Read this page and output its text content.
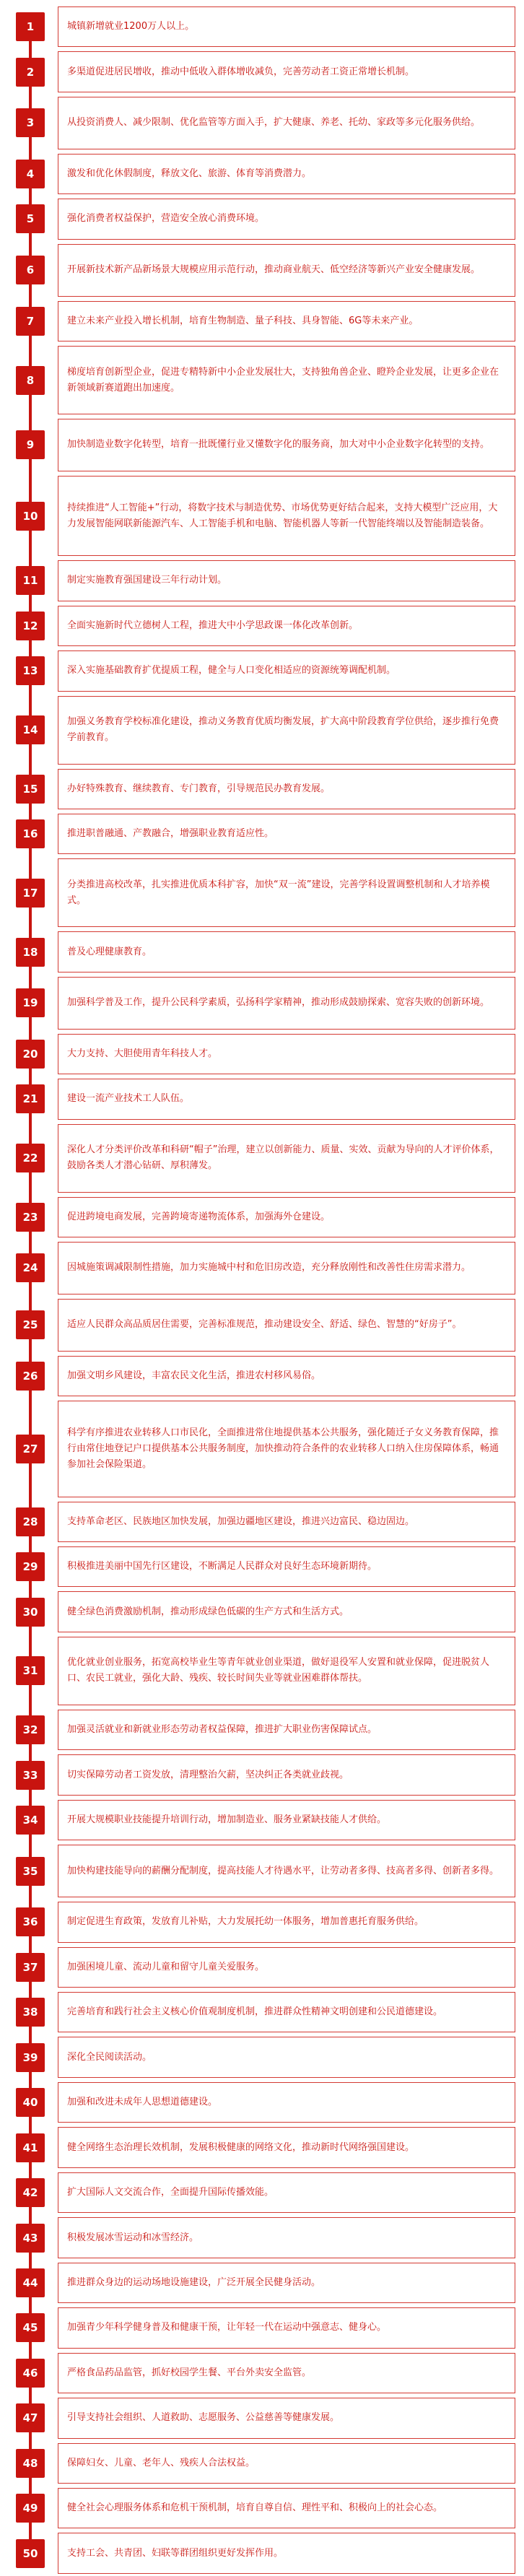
1	城镇新增就业1200万人以上。
2	多渠道促进居民增收，推动中低收入群体增收减负，完善劳动者工资正常增长机制。
3	从投资消费人、减少限制、优化监管等方面入手，扩大健康、养老、托幼、家政等多元化服务供给。
4	激发和优化休假制度，释放文化、旅游、体育等消费潜力。
5	强化消费者权益保护，营造安全放心消费环境。
6	开展新技术新产品新场景大规模应用示范行动，推动商业航天、低空经济等新兴产业安全健康发展。
7	建立未来产业投入增长机制，培育生物制造、量子科技、具身智能、6G等未来产业。
8
梯度培育创新型企业，促进专精特新中小企业发展壮大，支持独角兽企业、瞪羚企业发展，让更多企业在新领域新赛道跑出加速度。
9	加快制造业数字化转型，培育一批既懂行业又懂数字化的服务商，加大对中小企业数字化转型的支持。
10
持续推进“人工智能+”行动，将数字技术与制造优势、市场优势更好结合起来，支持大模型广泛应用，大力发展智能网联新能源汽车、人工智能手机和电脑、智能机器人等新一代智能终端以及智能制造装备。
11	制定实施教育强国建设三年行动计划。
12	全面实施新时代立德树人工程，推进大中小学思政课一体化改革创新。
13	深入实施基础教育扩优提质工程，健全与人口变化相适应的资源统筹调配机制。
14
加强义务教育学校标准化建设，推动义务教育优质均衡发展，扩大高中阶段教育学位供给，逐步推行免费学前教育。
15	办好特殊教育、继续教育、专门教育，引导规范民办教育发展。
16	推进职普融通、产教融合，增强职业教育适应性。
17
分类推进高校改革，扎实推进优质本科扩容，加快“双一流”建设，完善学科设置调整机制和人才培养模式。
18	普及心理健康教育。
19	加强科学普及工作，提升公民科学素质，弘扬科学家精神，推动形成鼓励探索、宽容失败的创新环境。
20	大力支持、大胆使用青年科技人才。
21	建设一流产业技术工人队伍。
22
深化人才分类评价改革和科研“帽子”治理，建立以创新能力、质量、实效、贡献为导向的人才评价体系，鼓励各类人才潜心钻研、厚积薄发。
23	促进跨境电商发展，完善跨境寄递物流体系，加强海外仓建设。
24	因城施策调减限制性措施，加力实施城中村和危旧房改造，充分释放刚性和改善性住房需求潜力。
25	适应人民群众高品质居住需要，完善标准规范，推动建设安全、舒适、绿色、智慧的“好房子”。
26	加强文明乡风建设，丰富农民文化生活，推进农村移风易俗。
27
科学有序推进农业转移人口市民化，全面推进常住地提供基本公共服务，强化随迁子女义务教育保障，推行由常住地登记户口提供基本公共服务制度，加快推动符合条件的农业转移人口纳入住房保障体系，畅通参加社会保险渠道。
28	支持革命老区、民族地区加快发展，加强边疆地区建设，推进兴边富民、稳边固边。
29	积极推进美丽中国先行区建设，不断满足人民群众对良好生态环境新期待。
30	健全绿色消费激励机制，推动形成绿色低碳的生产方式和生活方式。
31
优化就业创业服务，拓宽高校毕业生等青年就业创业渠道，做好退役军人安置和就业保障，促进脱贫人口、农民工就业，强化大龄、残疾、较长时间失业等就业困难群体帮扶。
32	加强灵活就业和新就业形态劳动者权益保障，推进扩大职业伤害保障试点。
33	切实保障劳动者工资发放，清理整治欠薪，坚决纠正各类就业歧视。
34	开展大规模职业技能提升培训行动，增加制造业、服务业紧缺技能人才供给。
35	加快构建技能导向的薪酬分配制度，提高技能人才待遇水平，让劳动者多得、技高者多得、创新者多得。
36	制定促进生育政策，发放育儿补贴，大力发展托幼一体服务，增加普惠托育服务供给。
37	加强困境儿童、流动儿童和留守儿童关爱服务。
38	完善培育和践行社会主义核心价值观制度机制，推进群众性精神文明创建和公民道德建设。
39	深化全民阅读活动。
40	加强和改进未成年人思想道德建设。
41	健全网络生态治理长效机制，发展积极健康的网络文化，推动新时代网络强国建设。
42	扩大国际人文交流合作，全面提升国际传播效能。
43	积极发展冰雪运动和冰雪经济。
44	推进群众身边的运动场地设施建设，广泛开展全民健身活动。
45	加强青少年科学健身普及和健康干预，让年轻一代在运动中强意志、健身心。
46	严格食品药品监管，抓好校园学生餐、平台外卖安全监管。
47	引导支持社会组织、人道救助、志愿服务、公益慈善等健康发展。
48	保障妇女、儿童、老年人、残疾人合法权益。
49	健全社会心理服务体系和危机干预机制，培育自尊自信、理性平和、积极向上的社会心态。
50	支持工会、共青团、妇联等群团组织更好发挥作用。
